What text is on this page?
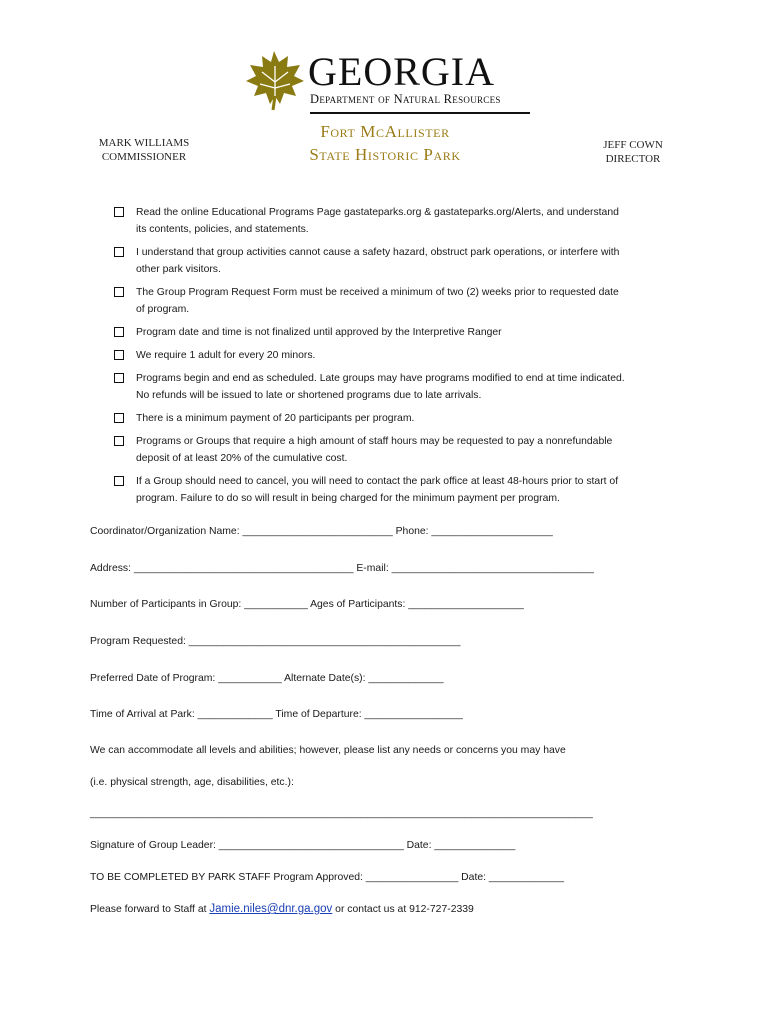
GEORGIA
Department of Natural Resources
MARK WILLIAMS
COMMISSIONER
Fort McAllister
State Historic Park	JEFF COWN
DIRECTOR
Read the online Educational Programs Page gastateparks.org & gastateparks.org/Alerts, and understand
its contents, policies, and statements.
I understand that group activities cannot cause a safety hazard, obstruct park operations, or interfere with
other park visitors.
The Group Program Request Form must be received a minimum of two (2) weeks prior to requested date
of program.
Program date and time is not finalized until approved by the Interpretive Ranger
We require 1 adult for every 20 minors.
Programs begin and end as scheduled. Late groups may have programs modified to end at time indicated.
No refunds will be issued to late or shortened programs due to late arrivals.
There is a minimum payment of 20 participants per program.
Programs or Groups that require a high amount of staff hours may be requested to pay a nonrefundable
deposit of at least 20% of the cumulative cost.
If a Group should need to cancel, you will need to contact the park office at least 48-hours prior to start of
program. Failure to do so will result in being charged for the minimum payment per program.
Coordinator/Organization Name: __________________________ Phone: _____________________
Address: ______________________________________ E-mail: ___________________________________
Number of Participants in Group: ___________ Ages of Participants: ____________________
Program Requested: _______________________________________________
Preferred Date of Program: ___________ Alternate Date(s): _____________
Time of Arrival at Park: _____________ Time of Departure: _________________
We can accommodate all levels and abilities; however, please list any needs or concerns you may have
(i.e. physical strength, age, disabilities, etc.):
_______________________________________________________________________________________
Signature of Group Leader: ________________________________ Date: ______________
TO BE COMPLETED BY PARK STAFF Program Approved: ________________ Date: _____________
Please forward to Staff at Jamie.niles@dnr.ga.gov or contact us at 912-727-2339
